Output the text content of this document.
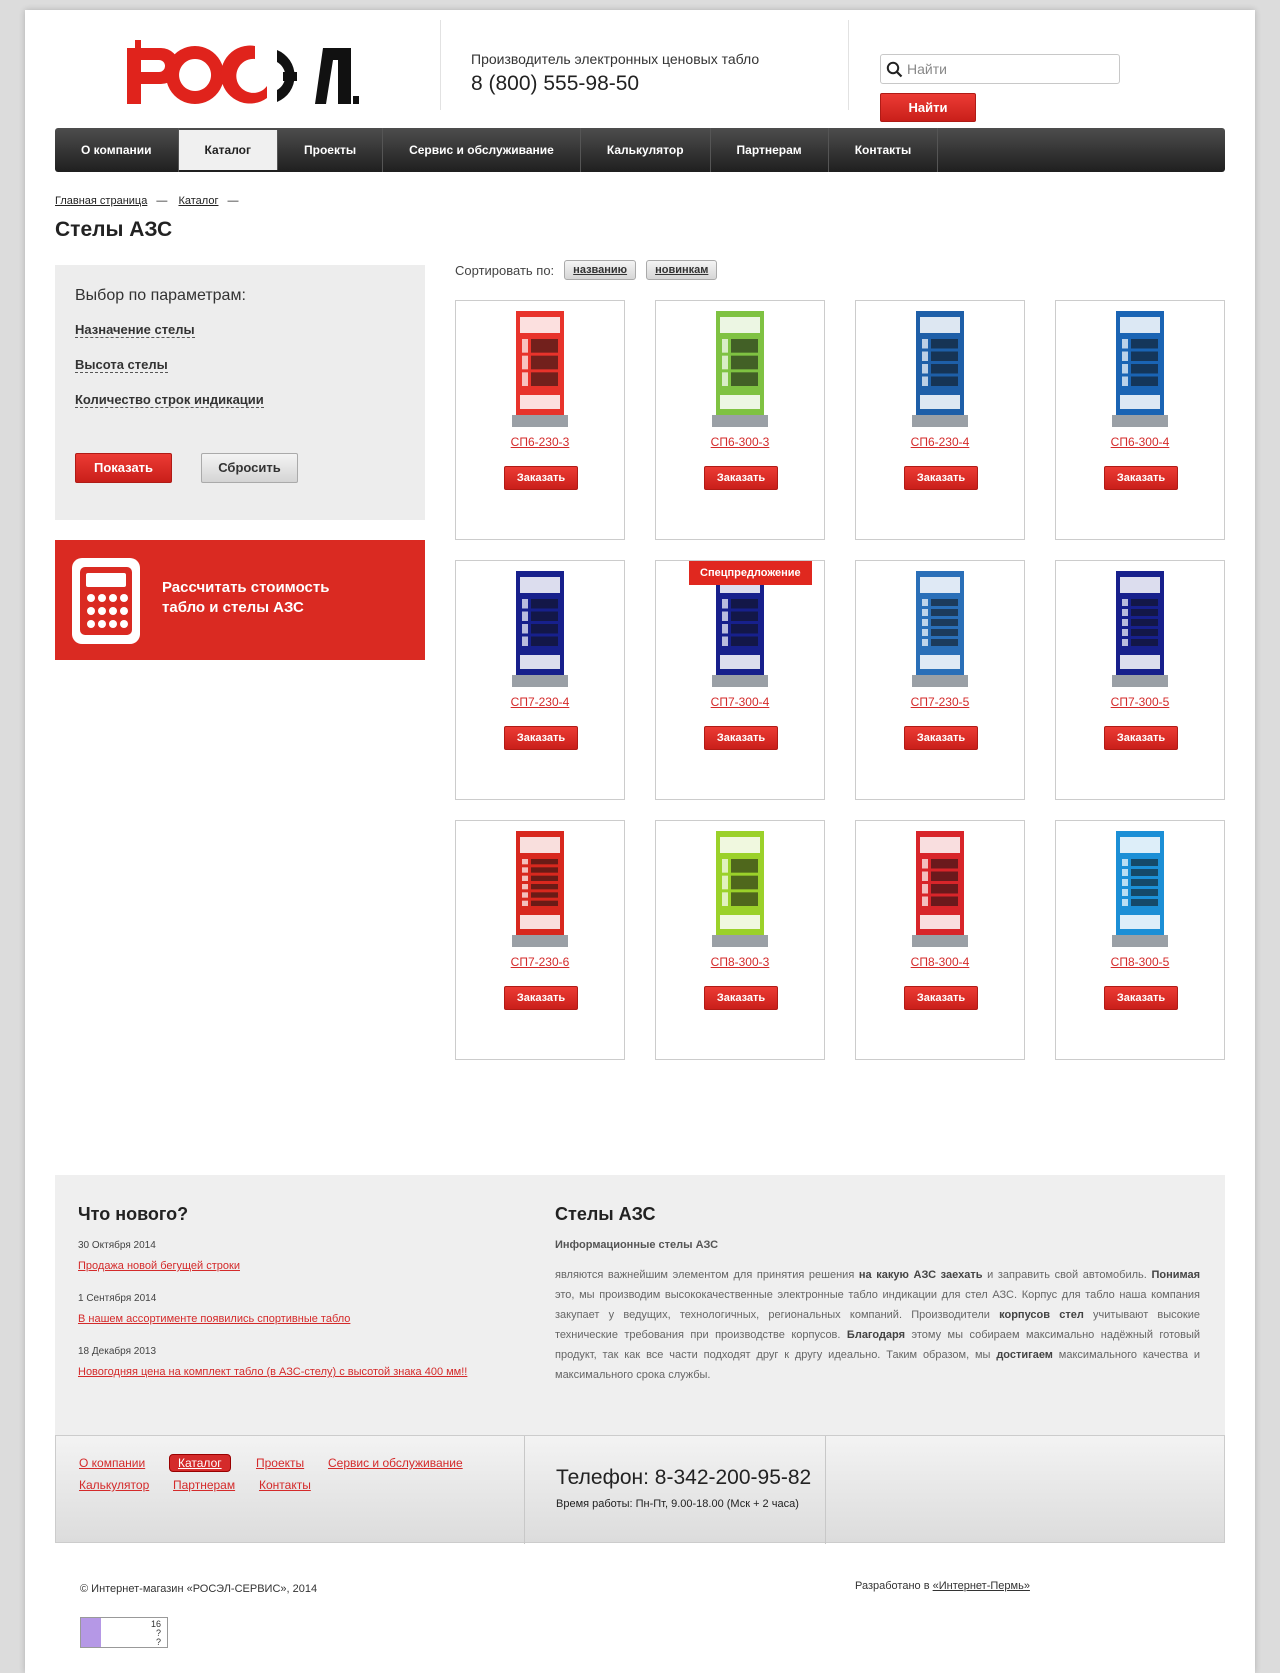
Производитель электронных ценовых табло
8 (800) 555-98-50
Найти
Найти
О компании	Каталог	Проекты	Сервис и обслуживание	Калькулятор	Партнерам	Контакты
Главная страница — Каталог —
Стелы АЗС
Выбор по параметрам:
Назначение стелы
Высота стелы
Количество строк индикации
Показать	Сбросить
Рассчитать стоимость
табло и стелы АЗС
Сортировать по:	названию	новинкам
СП6-230-3
Заказать
СП6-300-3
Заказать
СП6-230-4
Заказать
СП6-300-4
Заказать
СП7-230-4
Заказать
СП7-300-4
Заказать
Спецпредложение
СП7-230-5
Заказать
СП7-300-5
Заказать
СП7-230-6
Заказать
СП8-300-3
Заказать
СП8-300-4
Заказать
СП8-300-5
Заказать
Что нового?
30 Октября 2014
Продажа новой бегущей строки
1 Сентября 2014
В нашем ассортименте появились спортивные табло
18 Декабря 2013
Новогодняя цена на комплект табло (в АЗС-стелу) с высотой знака 400 мм!!
Стелы АЗС
Информационные стелы АЗС
являются важнейшим элементом для принятия решения на какую АЗС заехать и заправить свой автомобиль. Понимая это, мы производим высококачественные электронные табло индикации для стел АЗС. Корпус для табло наша компания закупает у ведущих, технологичных, региональных компаний. Производители корпусов стел учитывают высокие технические требования при производстве корпусов. Благодаря этому мы собираем максимально надёжный готовый продукт, так как все части подходят друг к другу идеально. Таким образом, мы достигаем максимального качества и максимального срока службы.
О компании	Каталог	Проекты Сервис и обслуживание
Калькулятор Партнерам Контакты	Телефон: 8-342-200-95-82
Время работы: Пн-Пт, 9.00-18.00 (Мск + 2 часа)
© Интернет-магазин «РОСЭЛ-СЕРВИС», 2014	Разработано в «Интернет-Пермь»
16
?
?
